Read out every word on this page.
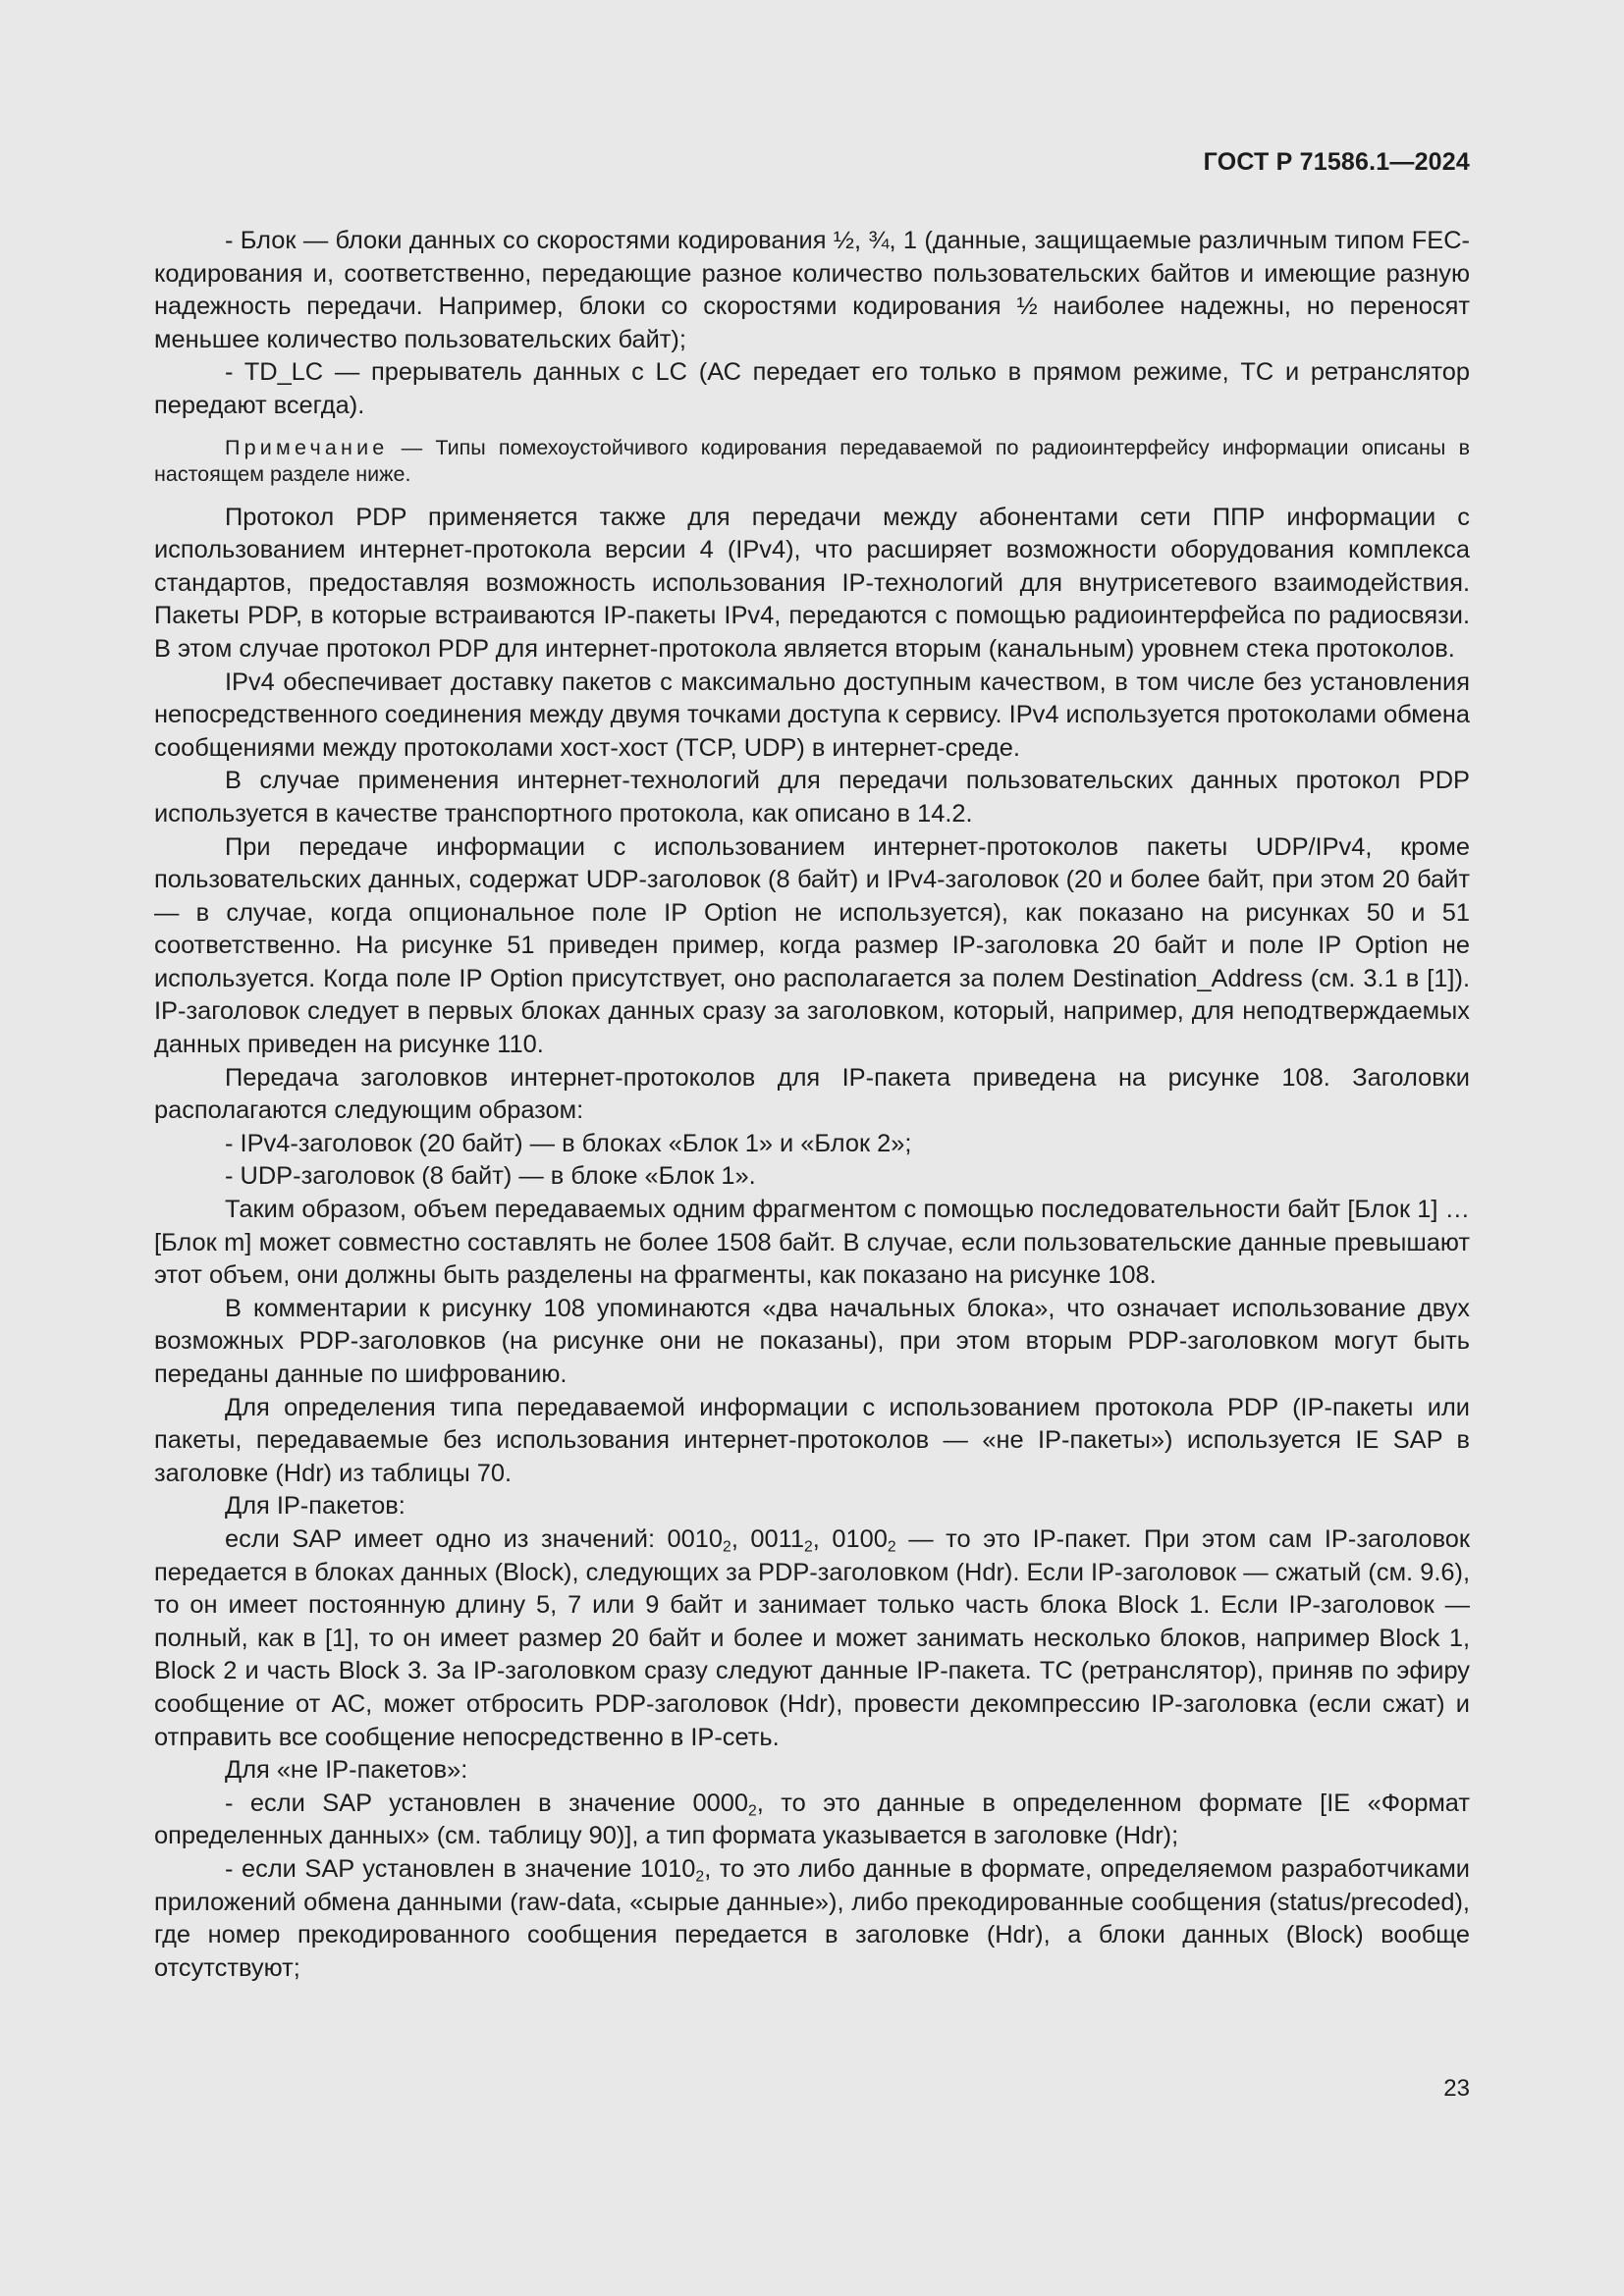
ГОСТ Р 71586.1—2024

- Блок — блоки данных со скоростями кодирования ½, ¾, 1 (данные, защищаемые различным типом FEC-кодирования и, соответственно, передающие разное количество пользовательских байтов и имеющие разную надежность передачи. Например, блоки со скоростями кодирования ½ наиболее надежны, но переносят меньшее количество пользовательских байт);

- TD_LC — прерыватель данных с LC (АС передает его только в прямом режиме, ТС и ретранслятор передают всегда).

Примечание — Типы помехоустойчивого кодирования передаваемой по радиоинтерфейсу информации описаны в настоящем разделе ниже.

Протокол PDP применяется также для передачи между абонентами сети ППР информации с использованием интернет-протокола версии 4 (IPv4), что расширяет возможности оборудования комплекса стандартов, предоставляя возможность использования IP-технологий для внутрисетевого взаимодействия. Пакеты PDP, в которые встраиваются IP-пакеты IPv4, передаются с помощью радиоинтерфейса по радиосвязи. В этом случае протокол PDP для интернет-протокола является вторым (канальным) уровнем стека протоколов.

IPv4 обеспечивает доставку пакетов с максимально доступным качеством, в том числе без установления непосредственного соединения между двумя точками доступа к сервису. IPv4 используется протоколами обмена сообщениями между протоколами хост-хост (TCP, UDP) в интернет-среде.

В случае применения интернет-технологий для передачи пользовательских данных протокол PDP используется в качестве транспортного протокола, как описано в 14.2.

При передаче информации с использованием интернет-протоколов пакеты UDP/IPv4, кроме пользовательских данных, содержат UDP-заголовок (8 байт) и IPv4-заголовок (20 и более байт, при этом 20 байт — в случае, когда опциональное поле IP Option не используется), как показано на рисунках 50 и 51 соответственно. На рисунке 51 приведен пример, когда размер IP-заголовка 20 байт и поле IP Option не используется. Когда поле IP Option присутствует, оно располагается за полем Destination_Address (см. 3.1 в [1]). IP-заголовок следует в первых блоках данных сразу за заголовком, который, например, для неподтверждаемых данных приведен на рисунке 110.

Передача заголовков интернет-протоколов для IP-пакета приведена на рисунке 108. Заголовки располагаются следующим образом:

- IPv4-заголовок (20 байт) — в блоках «Блок 1» и «Блок 2»;

- UDP-заголовок (8 байт) — в блоке «Блок 1».

Таким образом, объем передаваемых одним фрагментом с помощью последовательности байт [Блок 1] … [Блок m] может совместно составлять не более 1508 байт. В случае, если пользовательские данные превышают этот объем, они должны быть разделены на фрагменты, как показано на рисунке 108.

В комментарии к рисунку 108 упоминаются «два начальных блока», что означает использование двух возможных PDP-заголовков (на рисунке они не показаны), при этом вторым PDP-заголовком могут быть переданы данные по шифрованию.

Для определения типа передаваемой информации с использованием протокола PDP (IP-пакеты или пакеты, передаваемые без использования интернет-протоколов — «не IP-пакеты») используется IE SAP в заголовке (Hdr) из таблицы 70.

Для IP-пакетов:

если SAP имеет одно из значений: $0010_2$, $0011_2$, $0100_2$ — то это IP-пакет. При этом сам IP-заголовок передается в блоках данных (Block), следующих за PDP-заголовком (Hdr). Если IP-заголовок — сжатый (см. 9.6), то он имеет постоянную длину 5, 7 или 9 байт и занимает только часть блока Block 1. Если IP-заголовок — полный, как в [1], то он имеет размер 20 байт и более и может занимать несколько блоков, например Block 1, Block 2 и часть Block 3. За IP-заголовком сразу следуют данные IP-пакета. ТС (ретранслятор), приняв по эфиру сообщение от АС, может отбросить PDP-заголовок (Hdr), провести декомпрессию IP-заголовка (если сжат) и отправить все сообщение непосредственно в IP-сеть.

Для «не IP-пакетов»:

- если SAP установлен в значение $0000_2$, то это данные в определенном формате [IE «Формат определенных данных» (см. таблицу 90)], а тип формата указывается в заголовке (Hdr);

- если SAP установлен в значение $1010_2$, то это либо данные в формате, определяемом разработчиками приложений обмена данными (raw-data, «сырые данные»), либо прекодированные сообщения (status/precoded), где номер прекодированного сообщения передается в заголовке (Hdr), а блоки данных (Block) вообще отсутствуют;

23
